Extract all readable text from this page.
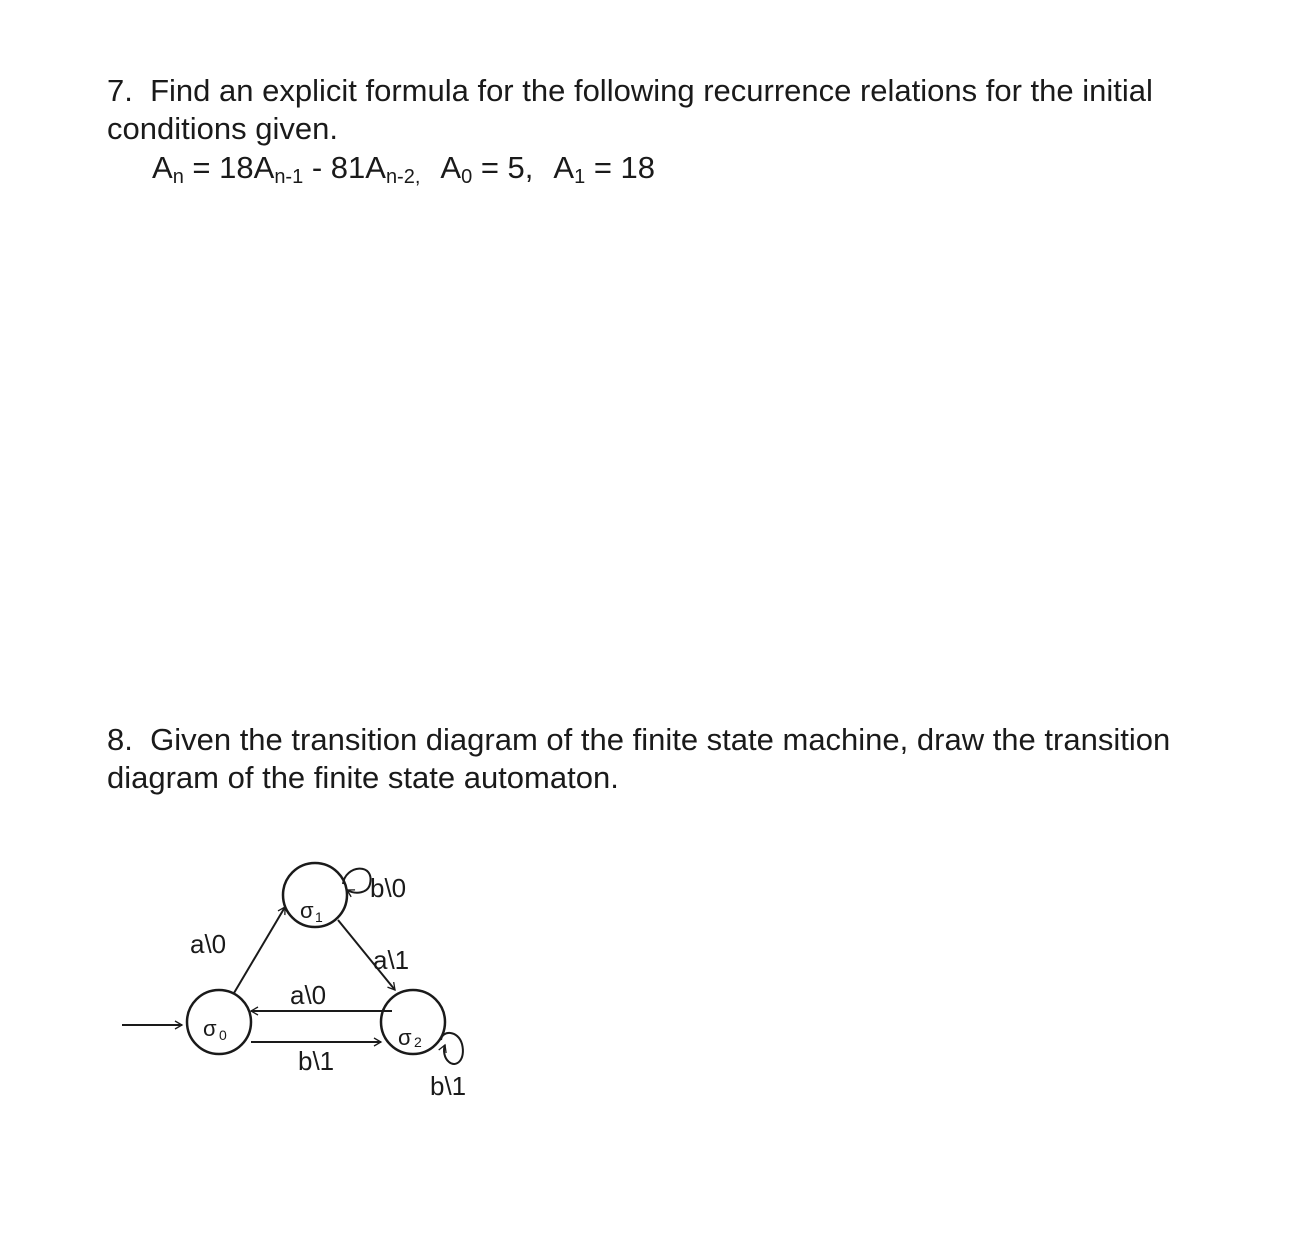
7. Find an explicit formula for the following recurrence relations for the initial conditions given.
$A_n = 18A_{n-1} - 81A_{n-2,}$ $A_0 = 5$, $A_1 = 18$
8. Given the transition diagram of the finite state machine, draw the transition diagram of the finite state automaton.
σ 0
σ 1
σ 2
a\0
b\0
a\1
a\0
b\1
b\1
